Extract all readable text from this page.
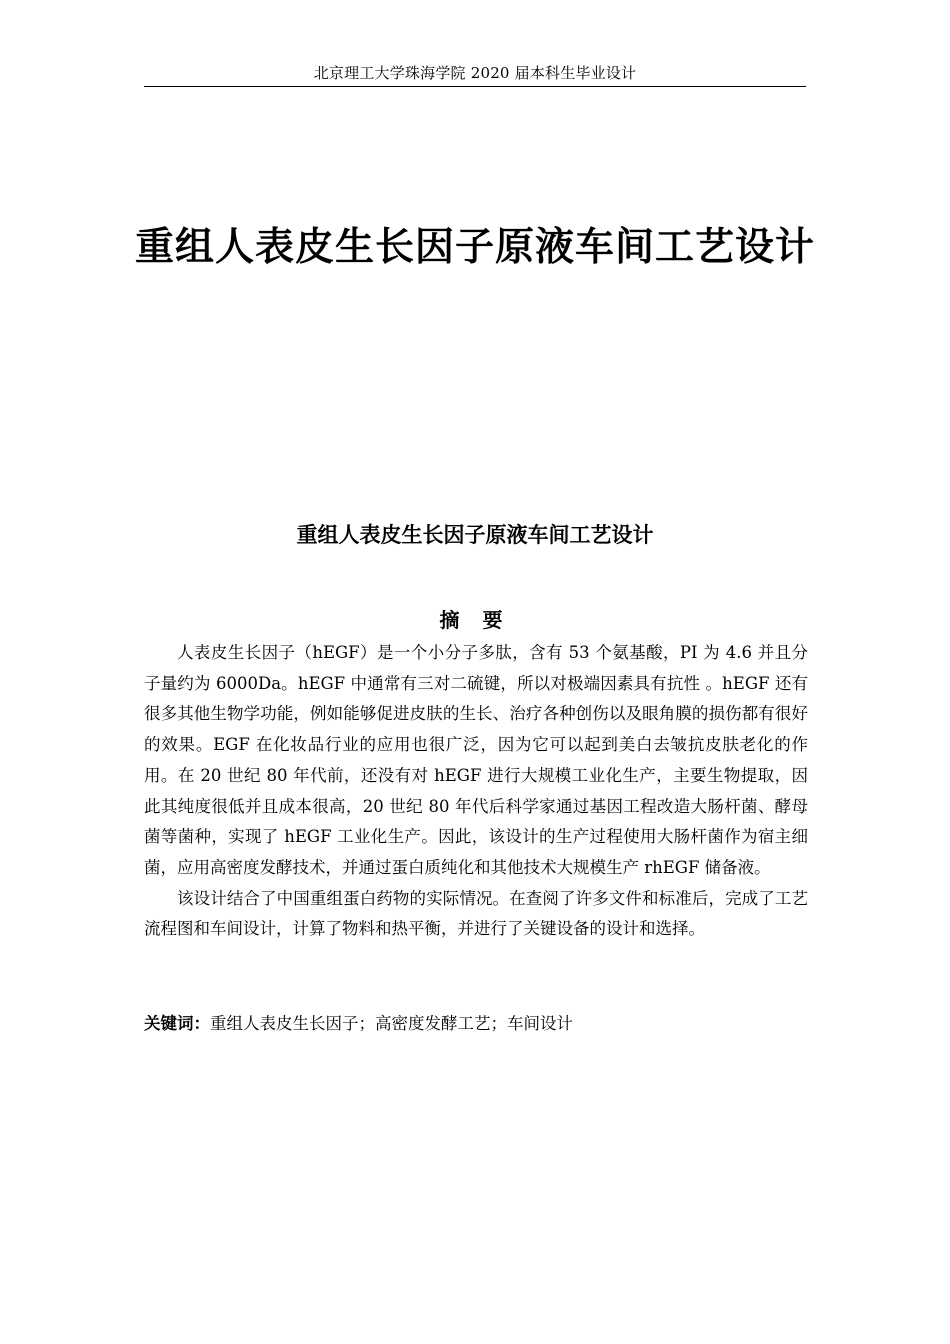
北京理工大学珠海学院 2020 届本科生毕业设计
重组人表皮生长因子原液车间工艺设计
重组人表皮生长因子原液车间工艺设计
摘 要

人表皮生长因子（hEGF）是一个小分子多肽，含有 53 个氨基酸，PI 为 4.6 并且分子量约为 6000Da。hEGF 中通常有三对二硫键，所以对极端因素具有抗性 。hEGF 还有很多其他生物学功能，例如能够促进皮肤的生长、治疗各种创伤以及眼角膜的损伤都有很好的效果。EGF 在化妆品行业的应用也很广泛，因为它可以起到美白去皱抗皮肤老化的作用。在 20 世纪 80 年代前，还没有对 hEGF 进行大规模工业化生产，主要生物提取，因此其纯度很低并且成本很高，20 世纪 80 年代后科学家通过基因工程改造大肠杆菌、酵母菌等菌种，实现了 hEGF 工业化生产。因此，该设计的生产过程使用大肠杆菌作为宿主细菌，应用高密度发酵技术，并通过蛋白质纯化和其他技术大规模生产 rhEGF 储备液。

该设计结合了中国重组蛋白药物的实际情况。在查阅了许多文件和标准后，完成了工艺流程图和车间设计，计算了物料和热平衡，并进行了关键设备的设计和选择。

关键词：重组人表皮生长因子；高密度发酵工艺；车间设计
